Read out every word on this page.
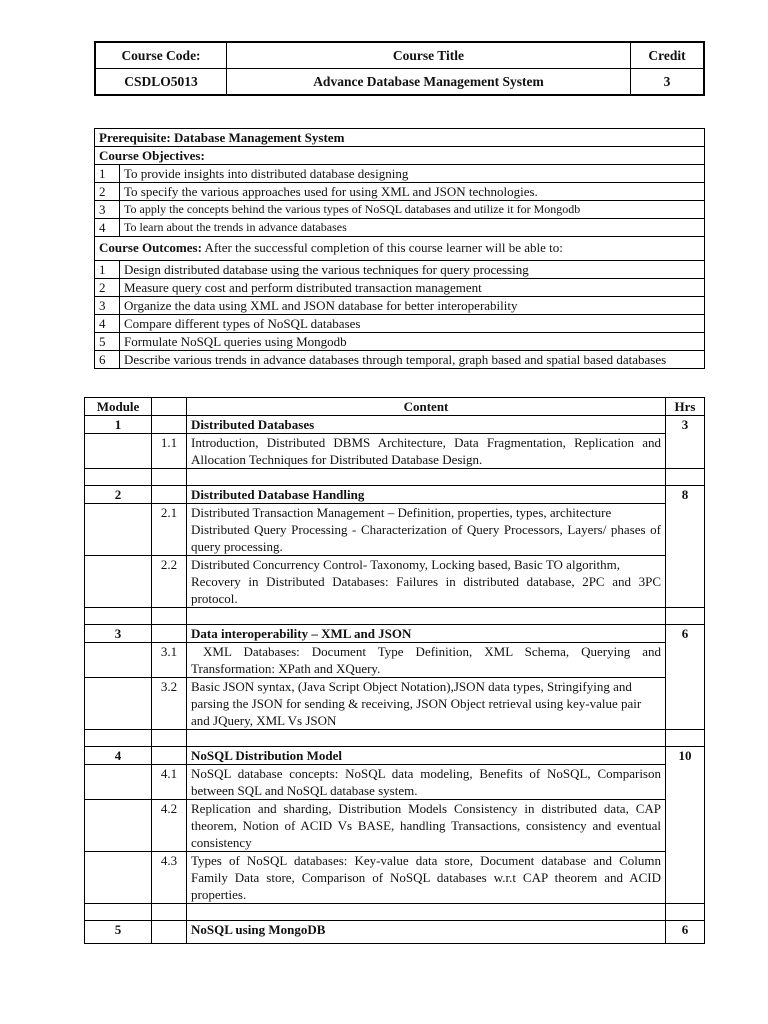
Course Code:	Course Title	Credit
CSDLO5013	Advance Database Management System	3
Prerequisite: Database Management System	
Course Objectives:	
1	To provide insights into distributed database designing
2	To specify the various approaches used for using XML and JSON technologies.
3	To apply the concepts behind the various types of NoSQL databases and utilize it for Mongodb
4	To learn about the trends in advance databases
Course Outcomes: After the successful completion of this course learner will be able to:	
1	Design distributed database using the various techniques for query processing
2	Measure query cost and perform distributed transaction management
3	Organize the data using XML and JSON database for better interoperability
4	Compare different types of NoSQL databases
5	Formulate NoSQL queries using Mongodb
6	Describe various trends in advance databases through temporal, graph based and spatial based databases
Module		Content	Hrs
1		Distributed Databases	3
	1.1	Introduction, Distributed DBMS Architecture, Data Fragmentation, Replication and Allocation Techniques for Distributed Database Design.	

2		Distributed Database Handling	8
	2.1	Distributed Transaction Management – Definition, properties, types, architecture
Distributed Query Processing - Characterization of Query Processors, Layers/ phases of query processing.	

	2.2	Distributed Concurrency Control- Taxonomy, Locking based, Basic TO algorithm,
Recovery in Distributed Databases: Failures in distributed database, 2PC and 3PC protocol.	

3		Data interoperability – XML and JSON	6
	3.1	XML Databases: Document Type Definition, XML Schema, Querying and Transformation: XPath and XQuery.	
	3.2	Basic JSON syntax, (Java Script Object Notation),JSON data types, Stringifying and parsing the JSON for sending & receiving, JSON Object retrieval using key-value pair and JQuery, XML Vs JSON	

4		NoSQL Distribution Model	10
	4.1	NoSQL database concepts: NoSQL data modeling, Benefits of NoSQL, Comparison between SQL and NoSQL database system.	
	4.2	Replication and sharding, Distribution Models Consistency in distributed data, CAP theorem, Notion of ACID Vs BASE, handling Transactions, consistency and eventual consistency	
	4.3	Types of NoSQL databases: Key-value data store, Document database and Column Family Data store, Comparison of NoSQL databases w.r.t CAP theorem and ACID properties.	

5		NoSQL using MongoDB	6
